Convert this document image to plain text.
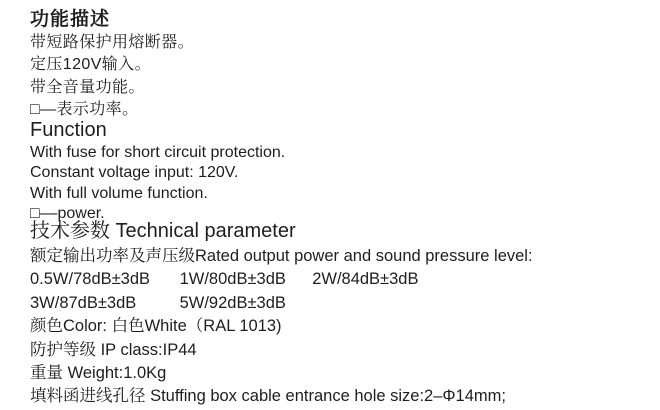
功能描述

带短路保护用熔断器。

定压120V输入。

带全音量功能。

□—表示功率。

Function

With fuse for short circuit protection.

Constant voltage input: 120V.

With full volume function.

□––power.

技术参数 Technical parameter

额定输出功率及声压级Rated output power and sound pressure level:

0.5W/78dB±3dB 1W/80dB±3dB 2W/84dB±3dB

3W/87dB±3dB	5W/92dB±3dB

颜色Color: 白色White（RAL 1013)

防护等级 IP class:IP44

重量 Weight:1.0Kg

填料函进线孔径 Stuffing box cable entrance hole size:2–Φ14mm;
